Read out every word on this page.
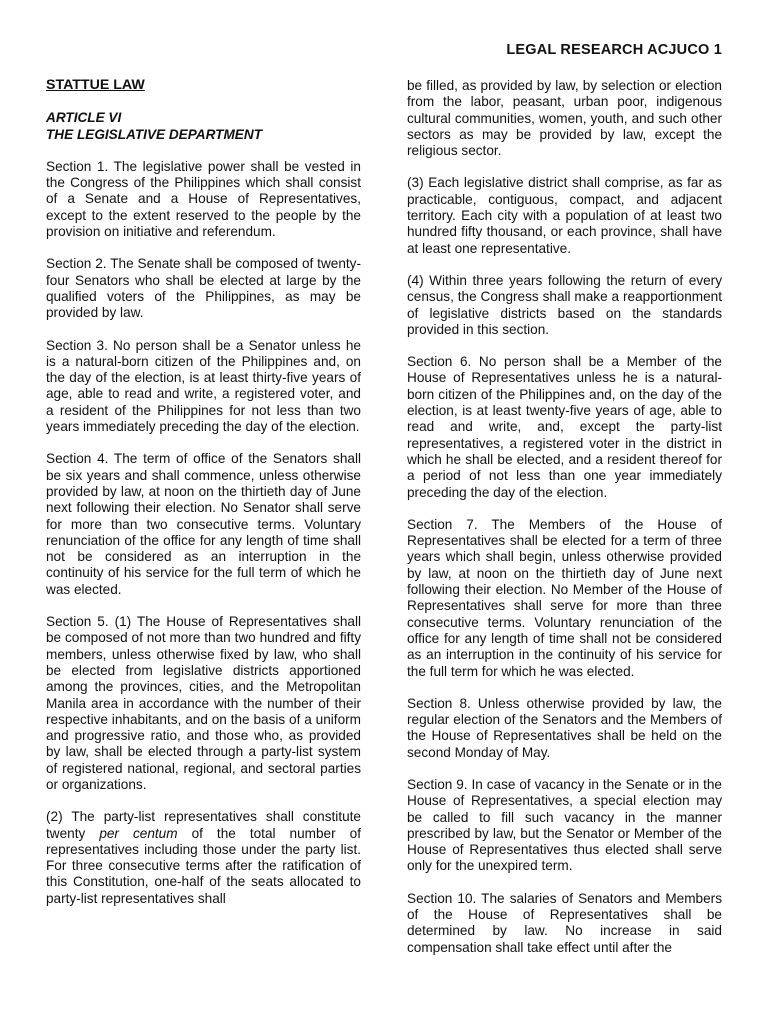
LEGAL RESEARCH ACJUCO 1
STATTUE LAW
ARTICLE VI
THE LEGISLATIVE DEPARTMENT

Section 1. The legislative power shall be vested in the Congress of the Philippines which shall consist of a Senate and a House of Representatives, except to the extent reserved to the people by the provision on initiative and referendum.

Section 2. The Senate shall be composed of twenty-four Senators who shall be elected at large by the qualified voters of the Philippines, as may be provided by law.

Section 3. No person shall be a Senator unless he is a natural-born citizen of the Philippines and, on the day of the election, is at least thirty-five years of age, able to read and write, a registered voter, and a resident of the Philippines for not less than two years immediately preceding the day of the election.

Section 4. The term of office of the Senators shall be six years and shall commence, unless otherwise provided by law, at noon on the thirtieth day of June next following their election. No Senator shall serve for more than two consecutive terms. Voluntary renunciation of the office for any length of time shall not be considered as an interruption in the continuity of his service for the full term of which he was elected.

Section 5. (1) The House of Representatives shall be composed of not more than two hundred and fifty members, unless otherwise fixed by law, who shall be elected from legislative districts apportioned among the provinces, cities, and the Metropolitan Manila area in accordance with the number of their respective inhabitants, and on the basis of a uniform and progressive ratio, and those who, as provided by law, shall be elected through a party-list system of registered national, regional, and sectoral parties or organizations.

(2) The party-list representatives shall constitute twenty per centum of the total number of representatives including those under the party list. For three consecutive terms after the ratification of this Constitution, one-half of the seats allocated to party-list representatives shall

be filled, as provided by law, by selection or election from the labor, peasant, urban poor, indigenous cultural communities, women, youth, and such other sectors as may be provided by law, except the religious sector.

(3) Each legislative district shall comprise, as far as practicable, contiguous, compact, and adjacent territory. Each city with a population of at least two hundred fifty thousand, or each province, shall have at least one representative.

(4) Within three years following the return of every census, the Congress shall make a reapportionment of legislative districts based on the standards provided in this section.

Section 6. No person shall be a Member of the House of Representatives unless he is a natural-born citizen of the Philippines and, on the day of the election, is at least twenty-five years of age, able to read and write, and, except the party-list representatives, a registered voter in the district in which he shall be elected, and a resident thereof for a period of not less than one year immediately preceding the day of the election.

Section 7. The Members of the House of Representatives shall be elected for a term of three years which shall begin, unless otherwise provided by law, at noon on the thirtieth day of June next following their election. No Member of the House of Representatives shall serve for more than three consecutive terms. Voluntary renunciation of the office for any length of time shall not be considered as an interruption in the continuity of his service for the full term for which he was elected.

Section 8. Unless otherwise provided by law, the regular election of the Senators and the Members of the House of Representatives shall be held on the second Monday of May.

Section 9. In case of vacancy in the Senate or in the House of Representatives, a special election may be called to fill such vacancy in the manner prescribed by law, but the Senator or Member of the House of Representatives thus elected shall serve only for the unexpired term.

Section 10. The salaries of Senators and Members of the House of Representatives shall be determined by law. No increase in said compensation shall take effect until after the
